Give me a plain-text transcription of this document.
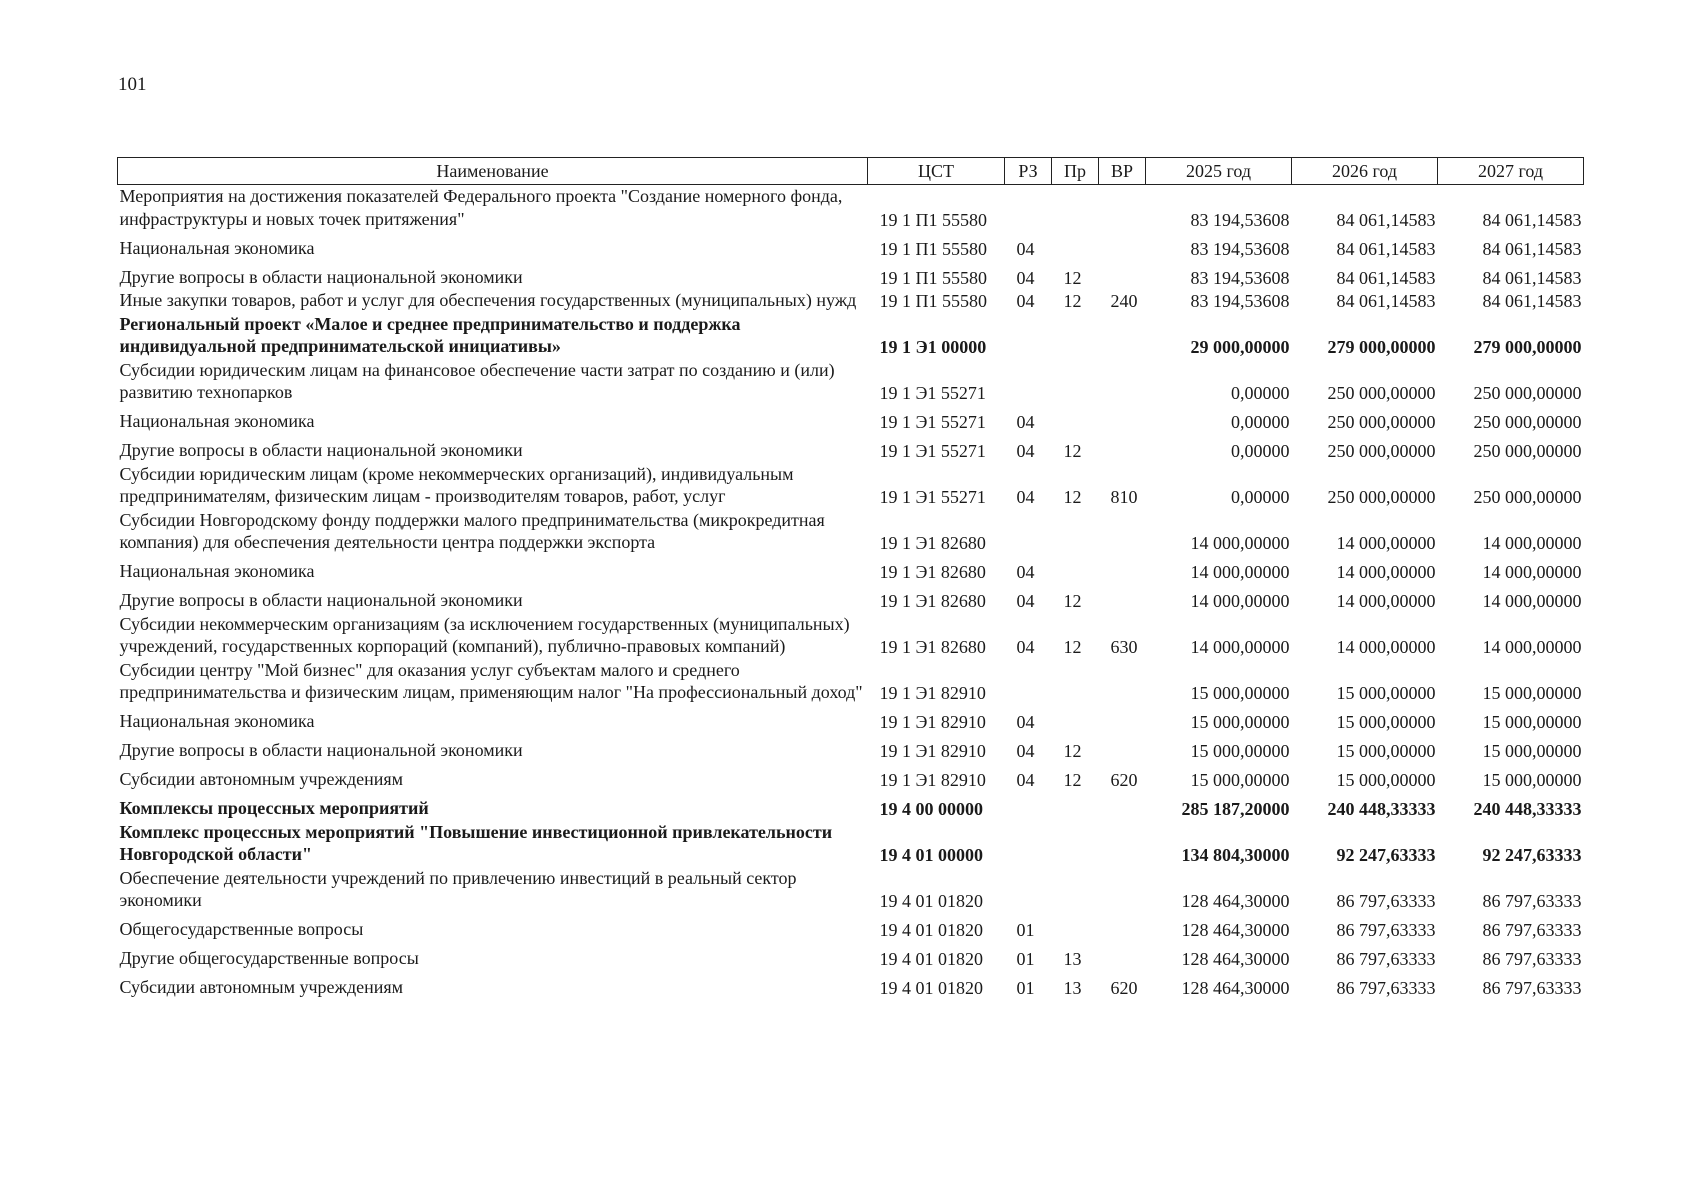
101
Наименование	ЦСТ	РЗ	Пр	ВР	2025 год	2026 год	2027 год
Мероприятия на достижения показателей Федерального проекта "Создание номерного фонда, инфраструктуры и новых точек притяжения"	19 1 П1 55580				83 194,53608	84 061,14583	84 061,14583
Национальная экономика	19 1 П1 55580	04			83 194,53608	84 061,14583	84 061,14583
Другие вопросы в области национальной экономики	19 1 П1 55580	04	12		83 194,53608	84 061,14583	84 061,14583
Иные закупки товаров, работ и услуг для обеспечения государственных (муниципальных) нужд	19 1 П1 55580	04	12	240	83 194,53608	84 061,14583	84 061,14583
Региональный проект «Малое и среднее предпринимательство и поддержка индивидуальной предпринимательской инициативы»	19 1 Э1 00000				29 000,00000	279 000,00000	279 000,00000
Субсидии юридическим лицам на финансовое обеспечение части затрат по созданию и (или) развитию технопарков	19 1 Э1 55271				0,00000	250 000,00000	250 000,00000
Национальная экономика	19 1 Э1 55271	04			0,00000	250 000,00000	250 000,00000
Другие вопросы в области национальной экономики	19 1 Э1 55271	04	12		0,00000	250 000,00000	250 000,00000
Субсидии юридическим лицам (кроме некоммерческих организаций), индивидуальным предпринимателям, физическим лицам - производителям товаров, работ, услуг	19 1 Э1 55271	04	12	810	0,00000	250 000,00000	250 000,00000
Субсидии Новгородскому фонду поддержки малого предпринимательства (микрокредитная компания) для обеспечения деятельности центра поддержки экспорта	19 1 Э1 82680				14 000,00000	14 000,00000	14 000,00000
Национальная экономика	19 1 Э1 82680	04			14 000,00000	14 000,00000	14 000,00000
Другие вопросы в области национальной экономики	19 1 Э1 82680	04	12		14 000,00000	14 000,00000	14 000,00000
Субсидии некоммерческим организациям (за исключением государственных (муниципальных) учреждений, государственных корпораций (компаний), публично-правовых компаний)	19 1 Э1 82680	04	12	630	14 000,00000	14 000,00000	14 000,00000
Субсидии центру "Мой бизнес" для оказания услуг субъектам малого и среднего предпринимательства и физическим лицам, применяющим налог "На профессиональный доход"	19 1 Э1 82910				15 000,00000	15 000,00000	15 000,00000
Национальная экономика	19 1 Э1 82910	04			15 000,00000	15 000,00000	15 000,00000
Другие вопросы в области национальной экономики	19 1 Э1 82910	04	12		15 000,00000	15 000,00000	15 000,00000
Субсидии автономным учреждениям	19 1 Э1 82910	04	12	620	15 000,00000	15 000,00000	15 000,00000
Комплексы процессных мероприятий	19 4 00 00000				285 187,20000	240 448,33333	240 448,33333
Комплекс процессных мероприятий "Повышение инвестиционной привлекательности Новгородской области"	19 4 01 00000				134 804,30000	92 247,63333	92 247,63333
Обеспечение деятельности учреждений по привлечению инвестиций в реальный сектор экономики	19 4 01 01820				128 464,30000	86 797,63333	86 797,63333
Общегосударственные вопросы	19 4 01 01820	01			128 464,30000	86 797,63333	86 797,63333
Другие общегосударственные вопросы	19 4 01 01820	01	13		128 464,30000	86 797,63333	86 797,63333
Субсидии автономным учреждениям	19 4 01 01820	01	13	620	128 464,30000	86 797,63333	86 797,63333
